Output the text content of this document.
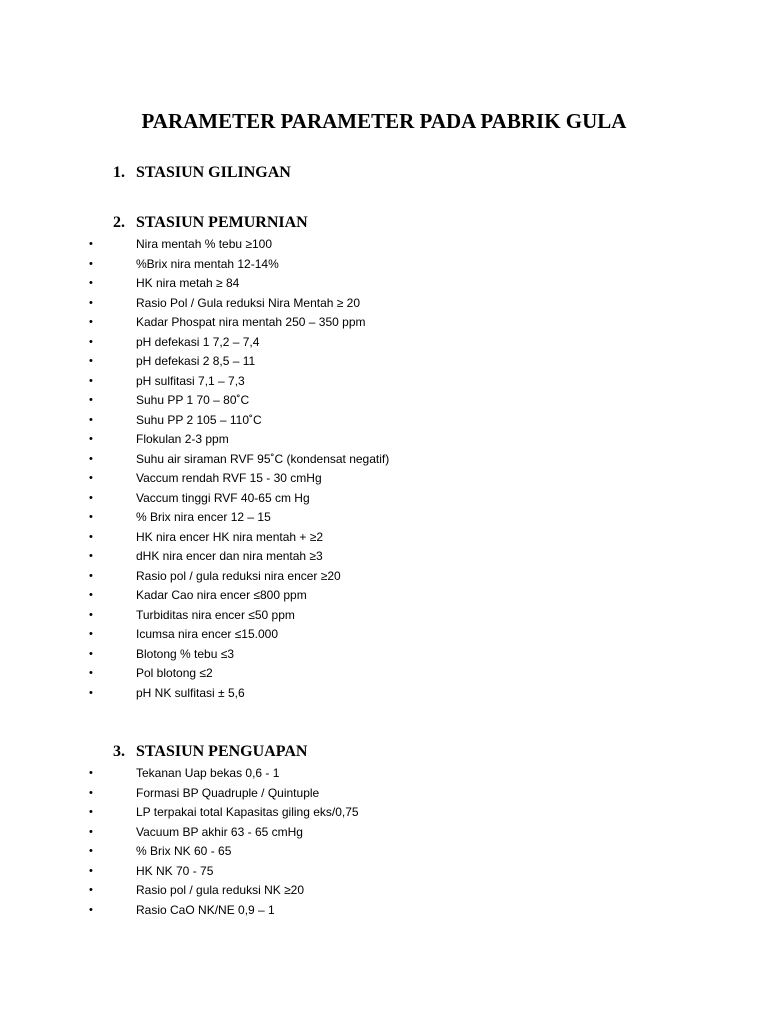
PARAMETER PARAMETER PADA PABRIK GULA
1. STASIUN GILINGAN
2. STASIUN PEMURNIAN
•	Nira mentah % tebu ≥100
•	%Brix nira mentah 12-14%
•	HK nira metah ≥ 84
•	Rasio Pol / Gula reduksi Nira Mentah ≥ 20
•	Kadar Phospat nira mentah 250 – 350 ppm
•	pH defekasi 1 7,2 – 7,4
•	pH defekasi 2 8,5 – 11
•	pH sulfitasi 7,1 – 7,3
•	Suhu PP 1 70 – 80˚C
•	Suhu PP 2 105 – 110˚C
•	Flokulan 2-3 ppm
•	Suhu air siraman RVF 95˚C (kondensat negatif)
•	Vaccum rendah RVF 15 - 30 cmHg
•	Vaccum tinggi RVF 40-65 cm Hg
•	% Brix nira encer 12 – 15
•	HK nira encer HK nira mentah + ≥2
•	dHK nira encer dan nira mentah ≥3
•	Rasio pol / gula reduksi nira encer ≥20
•	Kadar Cao nira encer ≤800 ppm
•	Turbiditas nira encer ≤50 ppm
•	Icumsa nira encer ≤15.000
•	Blotong % tebu ≤3
•	Pol blotong ≤2
•	pH NK sulfitasi ± 5,6
3. STASIUN PENGUAPAN
•	Tekanan Uap bekas 0,6 - 1
•	Formasi BP Quadruple / Quintuple
•	LP terpakai total Kapasitas giling eks/0,75
•	Vacuum BP akhir 63 - 65 cmHg
•	% Brix NK 60 - 65
•	HK NK 70 - 75
•	Rasio pol / gula reduksi NK ≥20
•	Rasio CaO NK/NE 0,9 – 1
